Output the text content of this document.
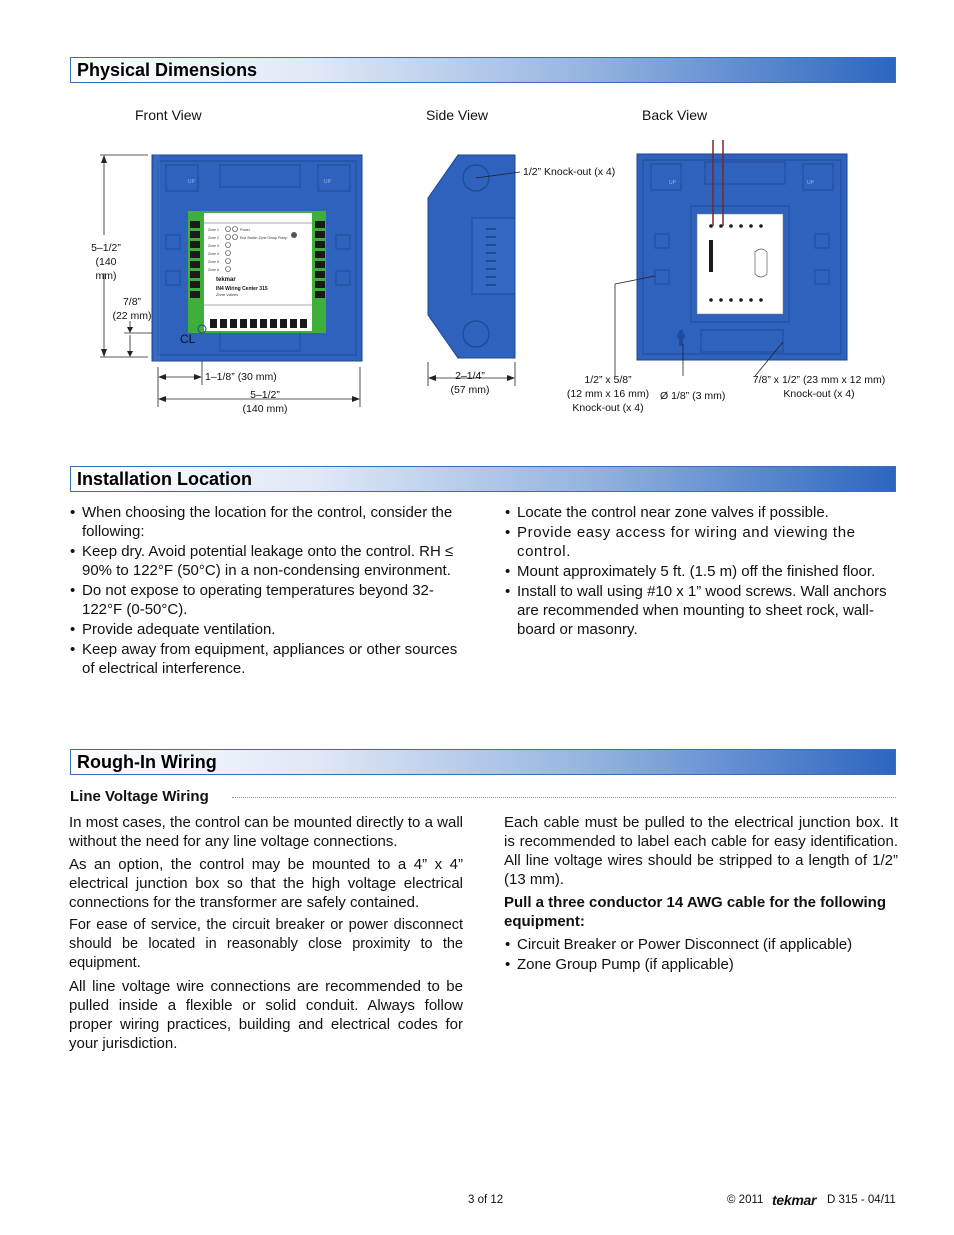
Physical Dimensions
Front View	Side View	Back View
UP	UP
Zone 1
Zone 2
Zone 3
Zone 4
Zone 5
Zone 6
Power
End Switch Zone Group Pump
tekmar
IN4 Wiring Center 315
Zone Valves
5–1/2”
(140 mm)
7/8”
(22 mm)
CL
1–1/8” (30 mm)
5–1/2”
(140 mm)
1/2” Knock-out (x 4)
2–1/4”
(57 mm)
UP	UP
1/2” x 5/8”
(12 mm x 16 mm)
Knock-out (x 4)
Ø 1/8” (3 mm)
7/8” x 1/2” (23 mm x 12 mm)
Knock-out (x 4)
Installation Location
• When choosing the location for the control, consider the following:
• Keep dry. Avoid potential leakage onto the control. RH ≤ 90% to 122°F (50°C) in a non-condensing environment.
• Do not expose to operating temperatures beyond 32-122°F (0-50°C).
• Provide adequate ventilation.
• Keep away from equipment, appliances or other sources of electrical interference.
• Locate the control near zone valves if possible.
• Provide easy access for wiring and viewing the control.
• Mount approximately 5 ft. (1.5 m) off the finished floor.
• Install to wall using #10 x 1” wood screws. Wall anchors are recommended when mounting to sheet rock, wall-board or masonry.
Rough-In Wiring
Line Voltage Wiring

In most cases, the control can be mounted directly to a wall without the need for any line voltage connections.

As an option, the control may be mounted to a 4” x 4” electrical junction box so that the high voltage electrical connections for the transformer are safely contained.

For ease of service, the circuit breaker or power disconnect should be located in reasonably close proximity to the equipment.

All line voltage wire connections are recommended to be pulled inside a flexible or solid conduit. Always follow proper wiring practices, building and electrical codes for your jurisdiction.

Each cable must be pulled to the electrical junction box. It is recommended to label each cable for easy identification. All line voltage wires should be stripped to a length of 1/2” (13 mm).

Pull a three conductor 14 AWG cable for the following equipment:

• Circuit Breaker or Power Disconnect (if applicable)
• Zone Group Pump (if applicable)
3 of 12	© 2011 tekmar D 315 - 04/11
